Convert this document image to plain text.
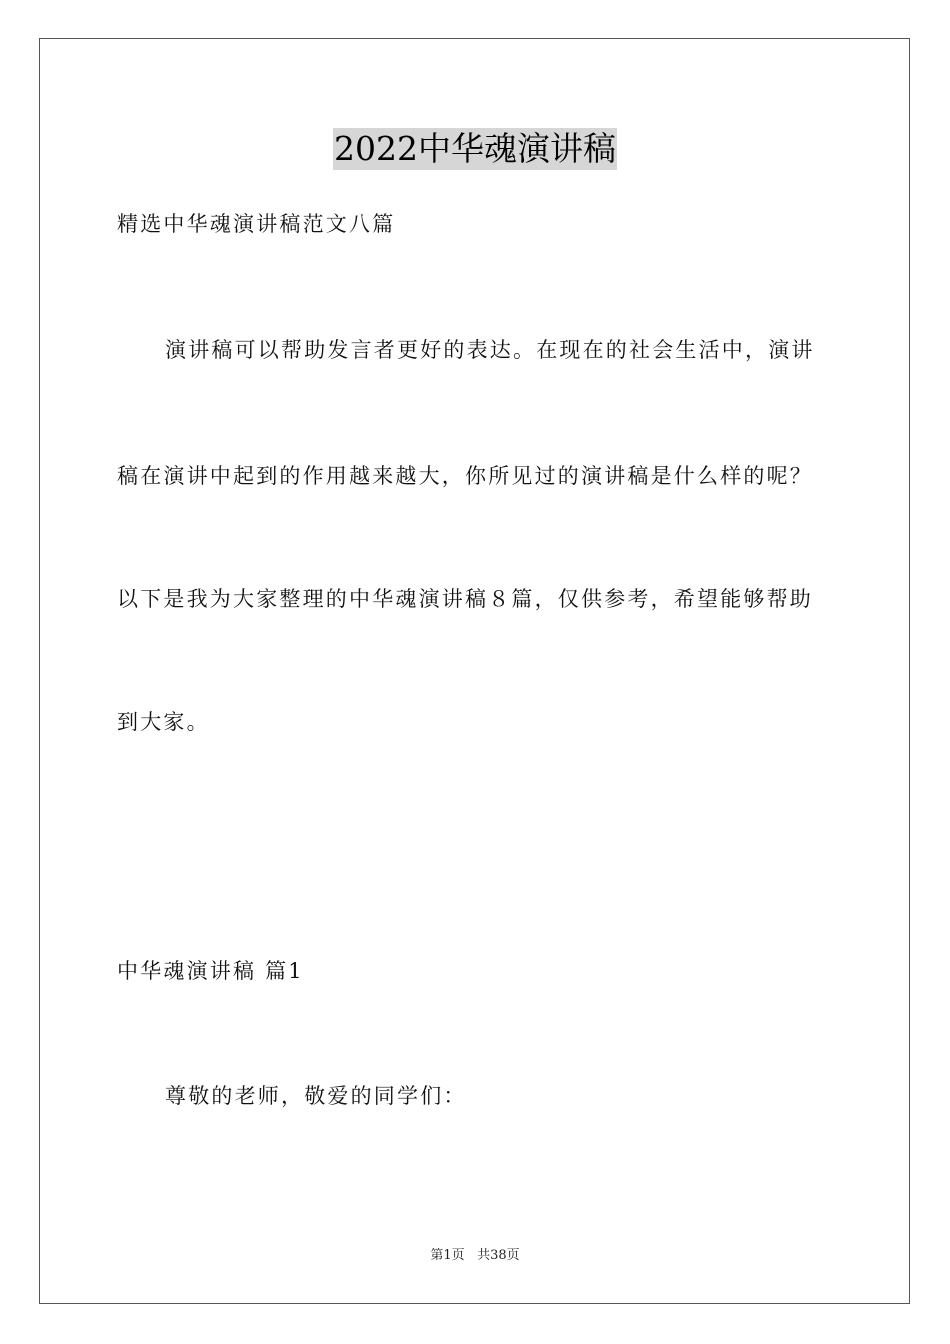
2022中华魂演讲稿
精选中华魂演讲稿范文八篇
演讲稿可以帮助发言者更好的表达。在现在的社会生活中，演讲
稿在演讲中起到的作用越来越大，你所见过的演讲稿是什么样的呢？
以下是我为大家整理的中华魂演讲稿８篇，仅供参考，希望能够帮助
到大家。
中华魂演讲稿 篇1
尊敬的老师，敬爱的同学们：
第1页 共38页
